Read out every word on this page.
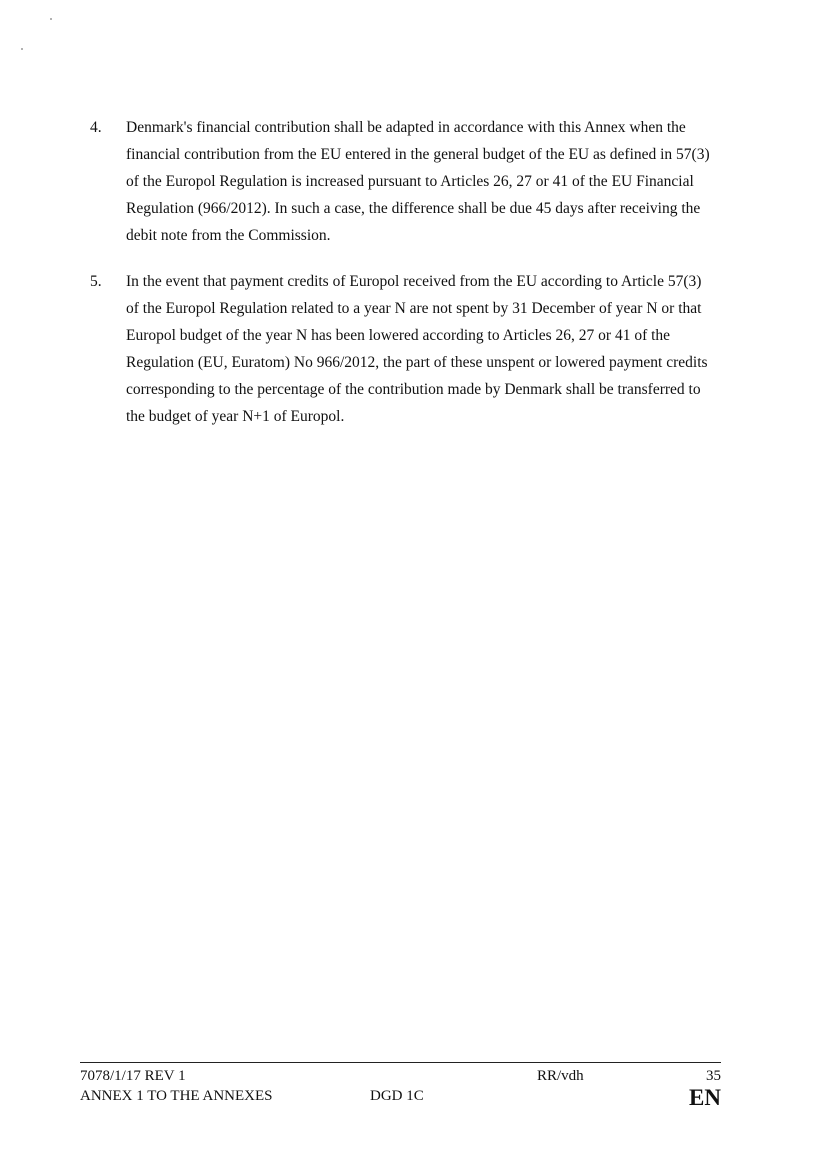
4. Denmark's financial contribution shall be adapted in accordance with this Annex when the
financial contribution from the EU entered in the general budget of the EU as defined in 57(3)
of the Europol Regulation is increased pursuant to Articles 26, 27 or 41 of the EU Financial
Regulation (966/2012). In such a case, the difference shall be due 45 days after receiving the
debit note from the Commission.

5. In the event that payment credits of Europol received from the EU according to Article 57(3)
of the Europol Regulation related to a year N are not spent by 31 December of year N or that
Europol budget of the year N has been lowered according to Articles 26, 27 or 41 of the
Regulation (EU, Euratom) No 966/2012, the part of these unspent or lowered payment credits
corresponding to the percentage of the contribution made by Denmark shall be transferred to
the budget of year N+1 of Europol.

7078/1/17 REV 1
ANNEX 1 TO THE ANNEXES
RR/vdh
DGD 1C
35
EN
